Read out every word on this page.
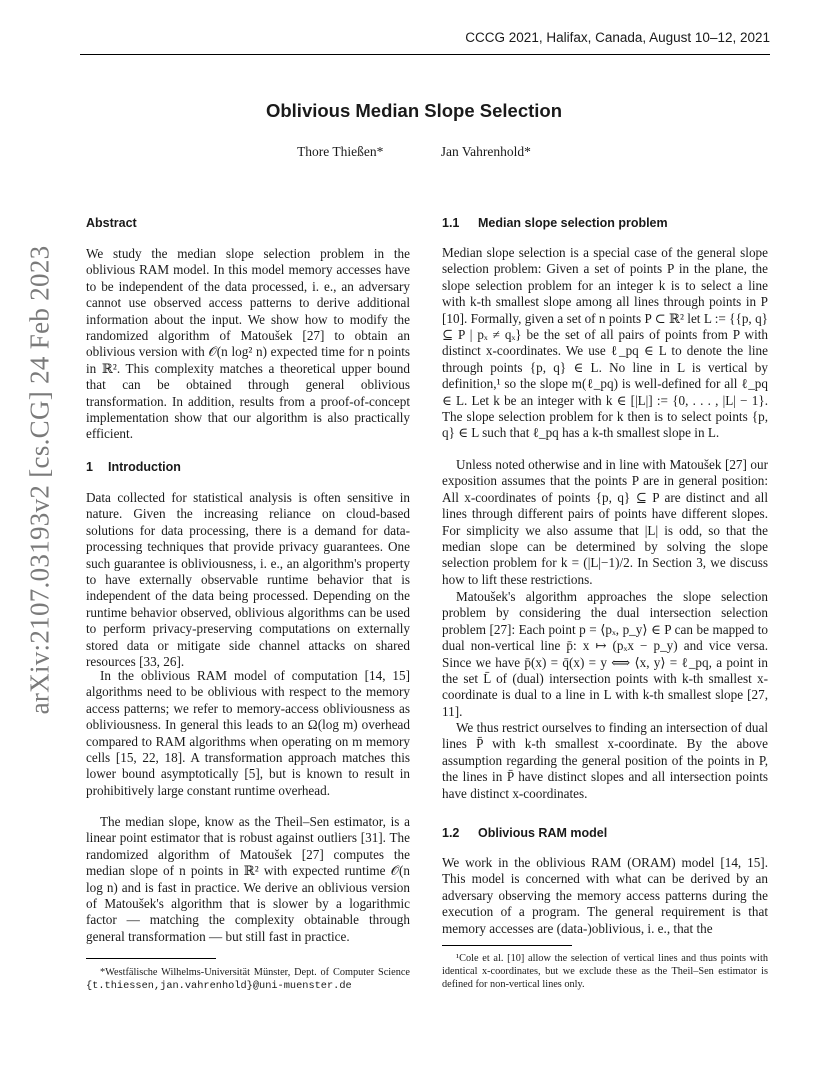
CCCG 2021, Halifax, Canada, August 10–12, 2021
arXiv:2107.03193v2 [cs.CG] 24 Feb 2023
Oblivious Median Slope Selection
Thore Thießen*	Jan Vahrenhold*
Abstract
We study the median slope selection problem in the oblivious RAM model. In this model memory accesses have to be independent of the data processed, i. e., an adversary cannot use observed access patterns to derive additional information about the input. We show how to modify the randomized algorithm of Matoušek [27] to obtain an oblivious version with 𝒪(n log² n) expected time for n points in ℝ². This complexity matches a theoretical upper bound that can be obtained through general oblivious transformation. In addition, results from a proof-of-concept implementation show that our algorithm is also practically efficient.
1 Introduction
Data collected for statistical analysis is often sensitive in nature. Given the increasing reliance on cloud-based solutions for data processing, there is a demand for data-processing techniques that provide privacy guarantees. One such guarantee is obliviousness, i. e., an algorithm's property to have externally observable runtime behavior that is independent of the data being processed. Depending on the runtime behavior observed, oblivious algorithms can be used to perform privacy-preserving computations on externally stored data or mitigate side channel attacks on shared resources [33, 26].
In the oblivious RAM model of computation [14, 15] algorithms need to be oblivious with respect to the memory access patterns; we refer to memory-access obliviousness as obliviousness. In general this leads to an Ω(log m) overhead compared to RAM algorithms when operating on m memory cells [15, 22, 18]. A transformation approach matches this lower bound asymptotically [5], but is known to result in prohibitively large constant runtime overhead.
The median slope, know as the Theil–Sen estimator, is a linear point estimator that is robust against outliers [31]. The randomized algorithm of Matoušek [27] computes the median slope of n points in ℝ² with expected runtime 𝒪(n log n) and is fast in practice. We derive an oblivious version of Matoušek's algorithm that is slower by a logarithmic factor — matching the complexity obtainable through general transformation — but still fast in practice.
*Westfälische Wilhelms-Universität Münster, Dept. of Computer Science {t.thiessen,jan.vahrenhold}@uni-muenster.de
1.1 Median slope selection problem
Median slope selection is a special case of the general slope selection problem: Given a set of points P in the plane, the slope selection problem for an integer k is to select a line with k-th smallest slope among all lines through points in P [10]. Formally, given a set of n points P ⊂ ℝ² let L := {{p, q} ⊆ P | pₓ ≠ qₓ} be the set of all pairs of points from P with distinct x-coordinates. We use ℓ_pq ∈ L to denote the line through points {p, q} ∈ L. No line in L is vertical by definition,¹ so the slope m(ℓ_pq) is well-defined for all ℓ_pq ∈ L. Let k be an integer with k ∈ [|L|] := {0, . . . , |L| − 1}. The slope selection problem for k then is to select points {p, q} ∈ L such that ℓ_pq has a k-th smallest slope in L.
Unless noted otherwise and in line with Matoušek [27] our exposition assumes that the points P are in general position: All x-coordinates of points {p, q} ⊆ P are distinct and all lines through different pairs of points have different slopes. For simplicity we also assume that |L| is odd, so that the median slope can be determined by solving the slope selection problem for k = (|L|−1)/2. In Section 3, we discuss how to lift these restrictions.
Matoušek's algorithm approaches the slope selection problem by considering the dual intersection selection problem [27]: Each point p = ⟨pₓ, p_y⟩ ∈ P can be mapped to dual non-vertical line p̄: x ↦ (pₓx − p_y) and vice versa. Since we have p̄(x) = q̄(x) = y ⟺ ⟨x, y⟩ = ℓ_pq, a point in the set L̄ of (dual) intersection points with k-th smallest x-coordinate is dual to a line in L with k-th smallest slope [27, 11].
We thus restrict ourselves to finding an intersection of dual lines P̄ with k-th smallest x-coordinate. By the above assumption regarding the general position of the points in P, the lines in P̄ have distinct slopes and all intersection points have distinct x-coordinates.
1.2 Oblivious RAM model
We work in the oblivious RAM (ORAM) model [14, 15]. This model is concerned with what can be derived by an adversary observing the memory access patterns during the execution of a program. The general requirement is that memory accesses are (data-)oblivious, i. e., that the
¹Cole et al. [10] allow the selection of vertical lines and thus points with identical x-coordinates, but we exclude these as the Theil–Sen estimator is defined for non-vertical lines only.
